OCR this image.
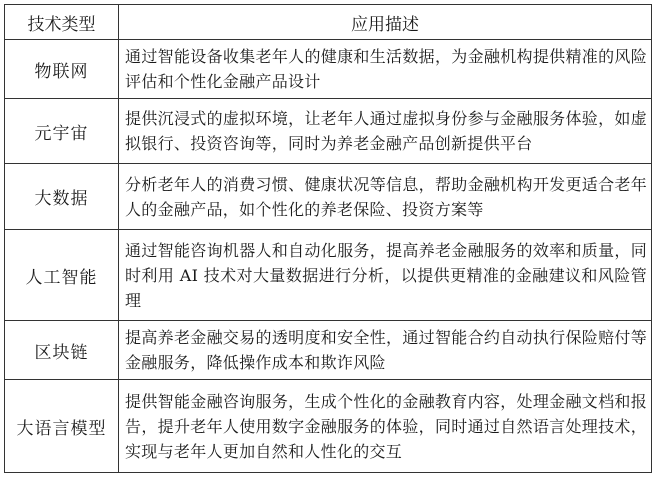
技术类型	应用描述
物联网	通过智能设备收集老年人的健康和生活数据，为金融机构提供精准的风险评估和个性化金融产品设计
元宇宙	提供沉浸式的虚拟环境，让老年人通过虚拟身份参与金融服务体验，如虚拟银行、投资咨询等，同时为养老金融产品创新提供平台
大数据	分析老年人的消费习惯、健康状况等信息，帮助金融机构开发更适合老年人的金融产品，如个性化的养老保险、投资方案等
人工智能	通过智能咨询机器人和自动化服务，提高养老金融服务的效率和质量，同时利用 AI 技术对大量数据进行分析，以提供更精准的金融建议和风险管理
区块链	提高养老金融交易的透明度和安全性，通过智能合约自动执行保险赔付等金融服务，降低操作成本和欺诈风险
大语言模型	提供智能金融咨询服务，生成个性化的金融教育内容，处理金融文档和报告，提升老年人使用数字金融服务的体验，同时通过自然语言处理技术，实现与老年人更加自然和人性化的交互
